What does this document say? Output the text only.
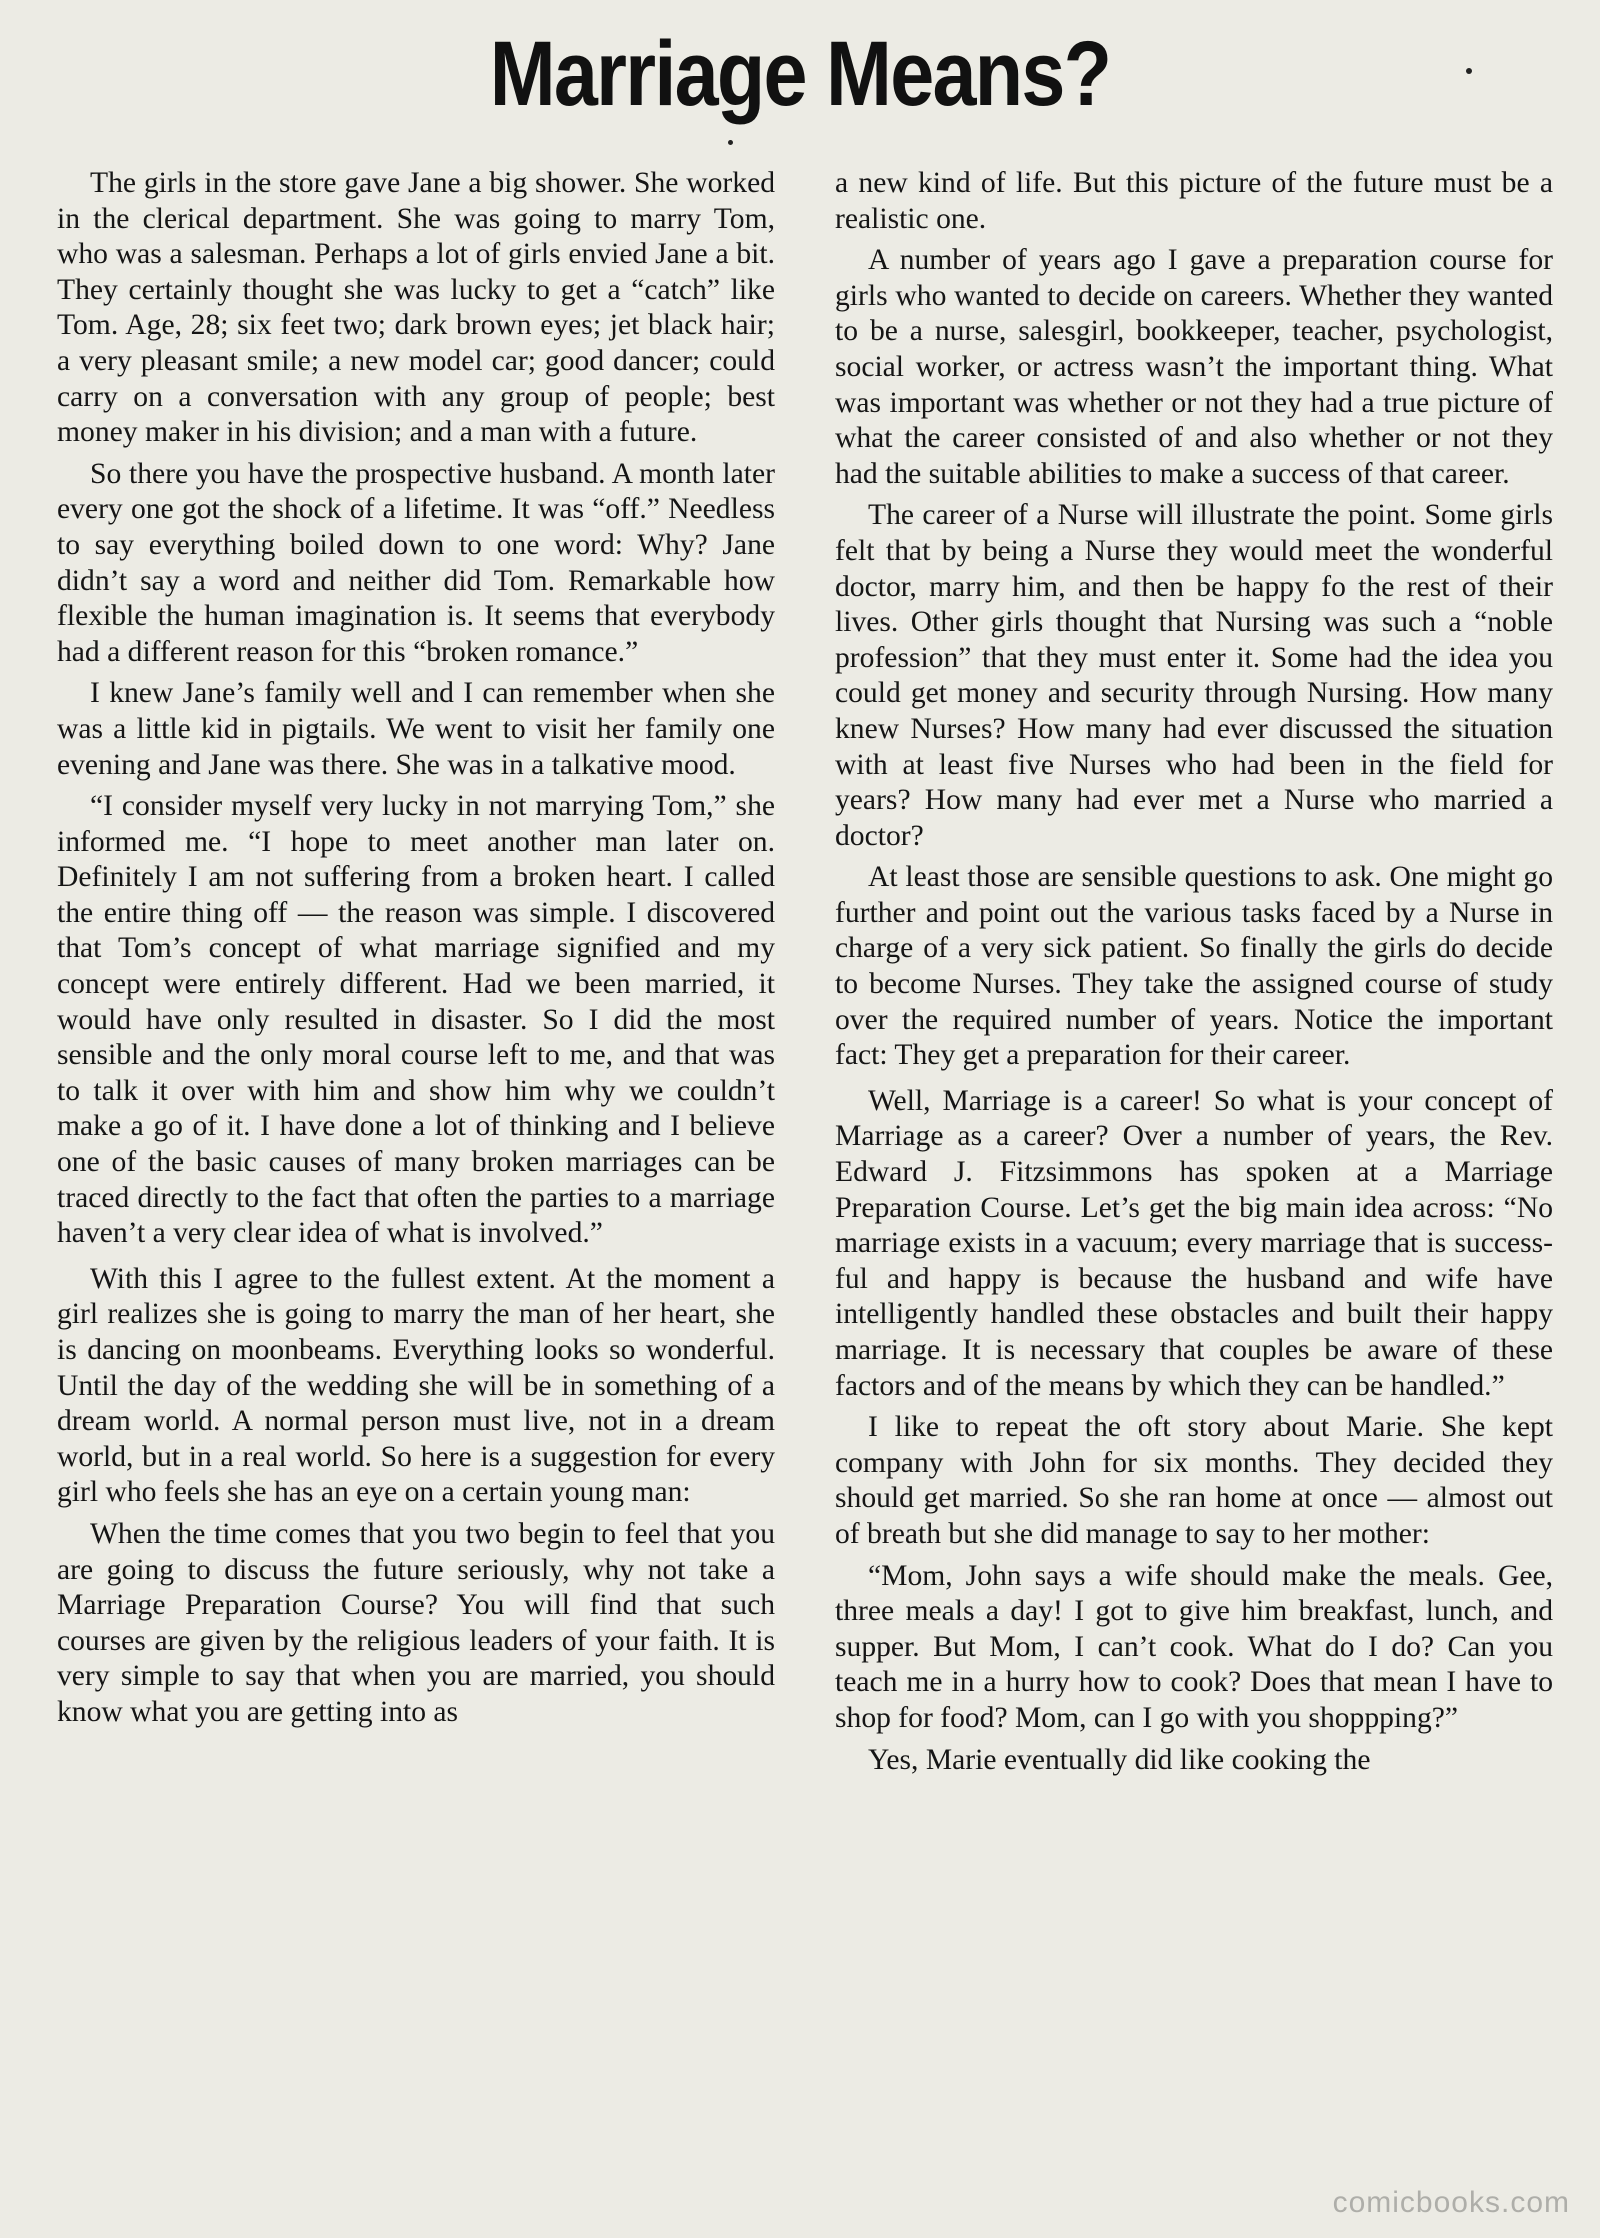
Marriage Means?

The girls in the store gave Jane a big shower. She worked in the clerical department. She was going to marry Tom, who was a salesman. Perhaps a lot of girls envied Jane a bit. They certainly thought she was lucky to get a “catch” like Tom. Age, 28; six feet two; dark brown eyes; jet black hair; a very pleasant smile; a new model car; good dancer; could carry on a conversation with any group of people; best money maker in his division; and a man with a future.

So there you have the prospective husband. A month later every one got the shock of a lifetime. It was “off.” Needless to say everything boiled down to one word: Why? Jane didn’t say a word and neither did Tom. Remarkable how flexible the human imagination is. It seems that everybody had a different reason for this “broken romance.”

I knew Jane’s family well and I can remember when she was a little kid in pigtails. We went to visit her family one evening and Jane was there. She was in a talkative mood.

“I consider myself very lucky in not marrying Tom,” she informed me. “I hope to meet another man later on. Definitely I am not suffering from a broken heart. I called the entire thing off — the reason was simple. I discovered that Tom’s concept of what marriage signified and my concept were entirely different. Had we been married, it would have only resulted in disaster. So I did the most sensible and the only moral course left to me, and that was to talk it over with him and show him why we couldn’t make a go of it. I have done a lot of thinking and I believe one of the basic causes of many broken marriages can be traced directly to the fact that often the parties to a marriage haven’t a very clear idea of what is involved.”

With this I agree to the fullest extent. At the moment a girl realizes she is going to marry the man of her heart, she is dancing on moonbeams. Everything looks so wonderful. Until the day of the wedding she will be in something of a dream world. A normal person must live, not in a dream world, but in a real world. So here is a suggestion for every girl who feels she has an eye on a certain young man:

When the time comes that you two begin to feel that you are going to discuss the future seriously, why not take a Marriage Preparation Course? You will find that such courses are given by the religious leaders of your faith. It is very simple to say that when you are married, you should know what you are getting into as

a new kind of life. But this picture of the future must be a realistic one.

A number of years ago I gave a preparation course for girls who wanted to decide on careers. Whether they wanted to be a nurse, salesgirl, bookkeeper, teacher, psychologist, social worker, or actress wasn’t the important thing. What was important was whether or not they had a true picture of what the career consisted of and also whether or not they had the suitable abilities to make a success of that career.

The career of a Nurse will illustrate the point. Some girls felt that by being a Nurse they would meet the wonderful doctor, marry him, and then be happy fo the rest of their lives. Other girls thought that Nursing was such a “noble profession” that they must enter it. Some had the idea you could get money and security through Nursing. How many knew Nurses? How many had ever discussed the situation with at least five Nurses who had been in the field for years? How many had ever met a Nurse who married a doctor?

At least those are sensible questions to ask. One might go further and point out the various tasks faced by a Nurse in charge of a very sick patient. So finally the girls do decide to become Nurses. They take the assigned course of study over the required number of years. Notice the important fact: They get a preparation for their career.

Well, Marriage is a career! So what is your concept of Marriage as a career? Over a number of years, the Rev. Edward J. Fitzsimmons has spoken at a Marriage Preparation Course. Let’s get the big main idea across: “No marriage exists in a vacuum; every marriage that is successful and happy is because the husband and wife have intelligently handled these obstacles and built their happy marriage. It is necessary that couples be aware of these factors and of the means by which they can be handled.”

I like to repeat the oft story about Marie. She kept company with John for six months. They decided they should get married. So she ran home at once — almost out of breath but she did manage to say to her mother:

“Mom, John says a wife should make the meals. Gee, three meals a day! I got to give him breakfast, lunch, and supper. But Mom, I can’t cook. What do I do? Can you teach me in a hurry how to cook? Does that mean I have to shop for food? Mom, can I go with you shoppping?”

Yes, Marie eventually did like cooking the

comicbooks.com
